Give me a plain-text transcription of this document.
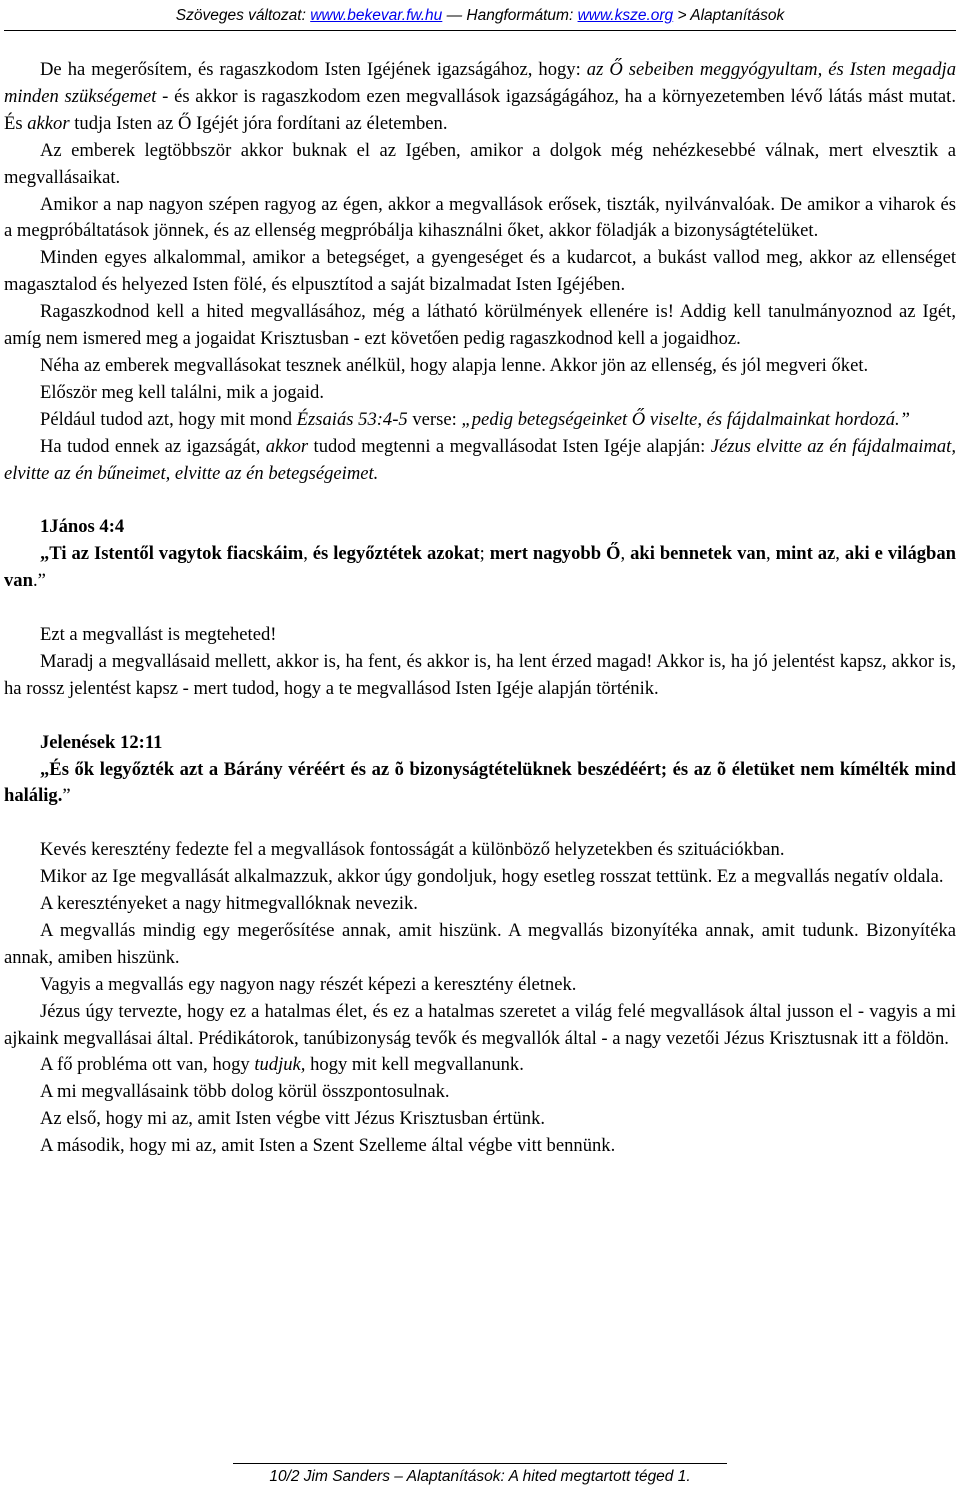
Szöveges változat: www.bekevar.fw.hu — Hangformátum: www.ksze.org > Alaptanítások

De ha megerősítem, és ragaszkodom Isten Igéjének igazságához, hogy: az Ő sebeiben meggyógyultam, és Isten megadja minden szükségemet - és akkor is ragaszkodom ezen megvallások igazságágához, ha a környezetemben lévő látás mást mutat. És akkor tudja Isten az Ő Igéjét jóra fordítani az életemben.

Az emberek legtöbbször akkor buknak el az Igében, amikor a dolgok még nehézkesebbé válnak, mert elvesztik a megvallásaikat.

Amikor a nap nagyon szépen ragyog az égen, akkor a megvallások erősek, tiszták, nyilvánvalóak. De amikor a viharok és a megpróbáltatások jönnek, és az ellenség megpróbálja kihasználni őket, akkor föladják a bizonyságtételüket.

Minden egyes alkalommal, amikor a betegséget, a gyengeséget és a kudarcot, a bukást vallod meg, akkor az ellenséget magasztalod és helyezed Isten fölé, és elpusztítod a saját bizalmadat Isten Igéjében.

Ragaszkodnod kell a hited megvallásához, még a látható körülmények ellenére is! Addig kell tanulmányoznod az Igét, amíg nem ismered meg a jogaidat Krisztusban - ezt követően pedig ragaszkodnod kell a jogaidhoz.

Néha az emberek megvallásokat tesznek anélkül, hogy alapja lenne. Akkor jön az ellenség, és jól megveri őket.

Először meg kell találni, mik a jogaid.

Például tudod azt, hogy mit mond Ézsaiás 53:4-5 verse: „pedig betegségeinket Ő viselte, és fájdalmainkat hordozá.”

Ha tudod ennek az igazságát, akkor tudod megtenni a megvallásodat Isten Igéje alapján: Jézus elvitte az én fájdalmaimat, elvitte az én bűneimet, elvitte az én betegségeimet.

1János 4:4

„Ti az Istentől vagytok fiacskáim, és legyőztétek azokat; mert nagyobb Ő, aki bennetek van, mint az, aki e világban van.”

Ezt a megvallást is megteheted!

Maradj a megvallásaid mellett, akkor is, ha fent, és akkor is, ha lent érzed magad! Akkor is, ha jó jelentést kapsz, akkor is, ha rossz jelentést kapsz - mert tudod, hogy a te megvallásod Isten Igéje alapján történik.

Jelenések 12:11

„És ők legyőzték azt a Bárány véréért és az õ bizonyságtételüknek beszédéért; és az õ életüket nem kímélték mind halálig.”

Kevés keresztény fedezte fel a megvallások fontosságát a különböző helyzetekben és szituációkban.

Mikor az Ige megvallását alkalmazzuk, akkor úgy gondoljuk, hogy esetleg rosszat tettünk. Ez a megvallás negatív oldala.

A keresztényeket a nagy hitmegvallóknak nevezik.

A megvallás mindig egy megerősítése annak, amit hiszünk. A megvallás bizonyítéka annak, amit tudunk. Bizonyítéka annak, amiben hiszünk.

Vagyis a megvallás egy nagyon nagy részét képezi a keresztény életnek.

Jézus úgy tervezte, hogy ez a hatalmas élet, és ez a hatalmas szeretet a világ felé megvallások által jusson el - vagyis a mi ajkaink megvallásai által. Prédikátorok, tanúbizonyság tevők és megvallók által - a nagy vezetői Jézus Krisztusnak itt a földön.

A fő probléma ott van, hogy tudjuk, hogy mit kell megvallanunk.

A mi megvallásaink több dolog körül összpontosulnak.

Az első, hogy mi az, amit Isten végbe vitt Jézus Krisztusban értünk.

A második, hogy mi az, amit Isten a Szent Szelleme által végbe vitt bennünk.

10/2 Jim Sanders – Alaptanítások: A hited megtartott téged 1.
